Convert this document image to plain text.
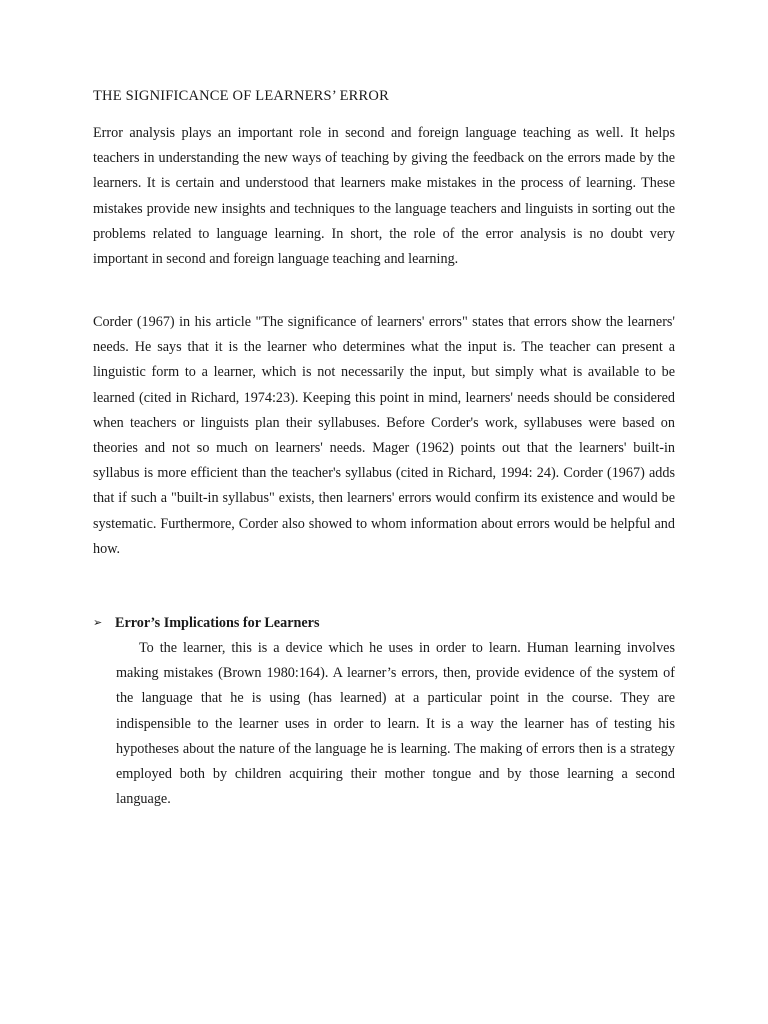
THE SIGNIFICANCE OF LEARNERS’ ERROR

Error analysis plays an important role in second and foreign language teaching as well. It helps teachers in understanding the new ways of teaching by giving the feedback on the errors made by the learners. It is certain and understood that learners make mistakes in the process of learning. These mistakes provide new insights and techniques to the language teachers and linguists in sorting out the problems related to language learning. In short, the role of the error analysis is no doubt very important in second and foreign language teaching and learning.

Corder (1967) in his article "The significance of learners' errors" states that errors show the learners' needs. He says that it is the learner who determines what the input is. The teacher can present a linguistic form to a learner, which is not necessarily the input, but simply what is available to be learned (cited in Richard, 1974:23). Keeping this point in mind, learners' needs should be considered when teachers or linguists plan their syllabuses. Before Corder's work, syllabuses were based on theories and not so much on learners' needs. Mager (1962) points out that the learners' built-in syllabus is more efficient than the teacher's syllabus (cited in Richard, 1994: 24). Corder (1967) adds that if such a "built-in syllabus" exists, then learners' errors would confirm its existence and would be systematic. Furthermore, Corder also showed to whom information about errors would be helpful and how.

➢ Error’s Implications for Learners

To the learner, this is a device which he uses in order to learn. Human learning involves making mistakes (Brown 1980:164). A learner’s errors, then, provide evidence of the system of the language that he is using (has learned) at a particular point in the course. They are indispensible to the learner uses in order to learn. It is a way the learner has of testing his hypotheses about the nature of the language he is learning. The making of errors then is a strategy employed both by children acquiring their mother tongue and by those learning a second language.
